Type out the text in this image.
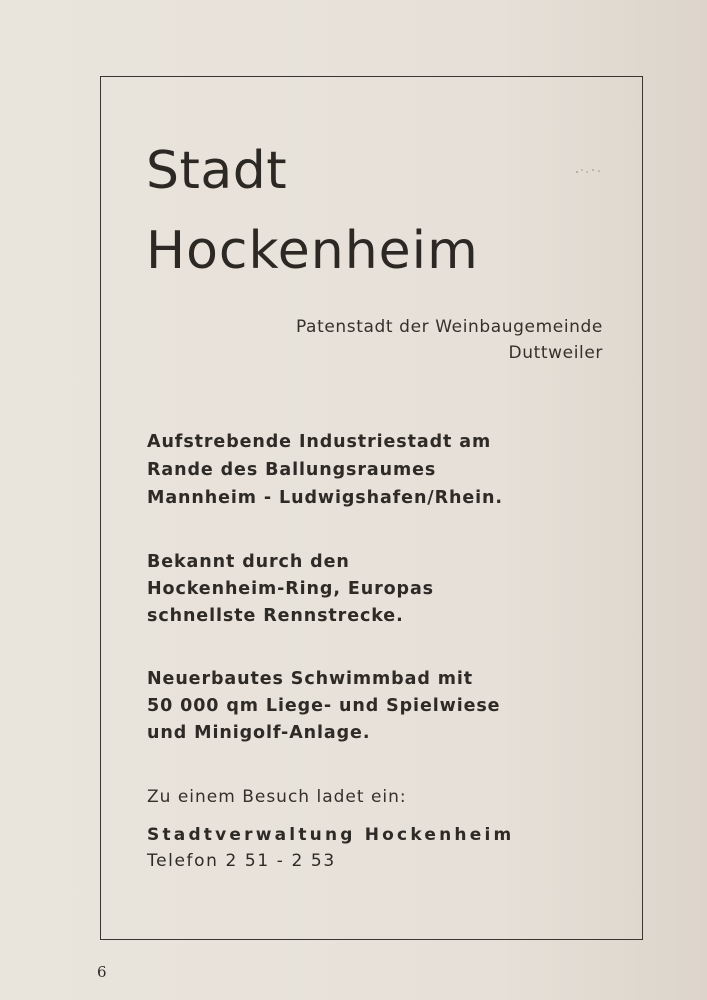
Stadt
Hockenheim
Patenstadt der Weinbaugemeinde
Duttweiler
Aufstrebende Industriestadt am
Rande des Ballungsraumes
Mannheim - Ludwigshafen/Rhein.
Bekannt durch den
Hockenheim-Ring, Europas
schnellste Rennstrecke.
Neuerbautes Schwimmbad mit
50 000 qm Liege- und Spielwiese
und Minigolf-Anlage.
Zu einem Besuch ladet ein:
Stadtverwaltung Hockenheim
Telefon 2 51 - 2 53
6
